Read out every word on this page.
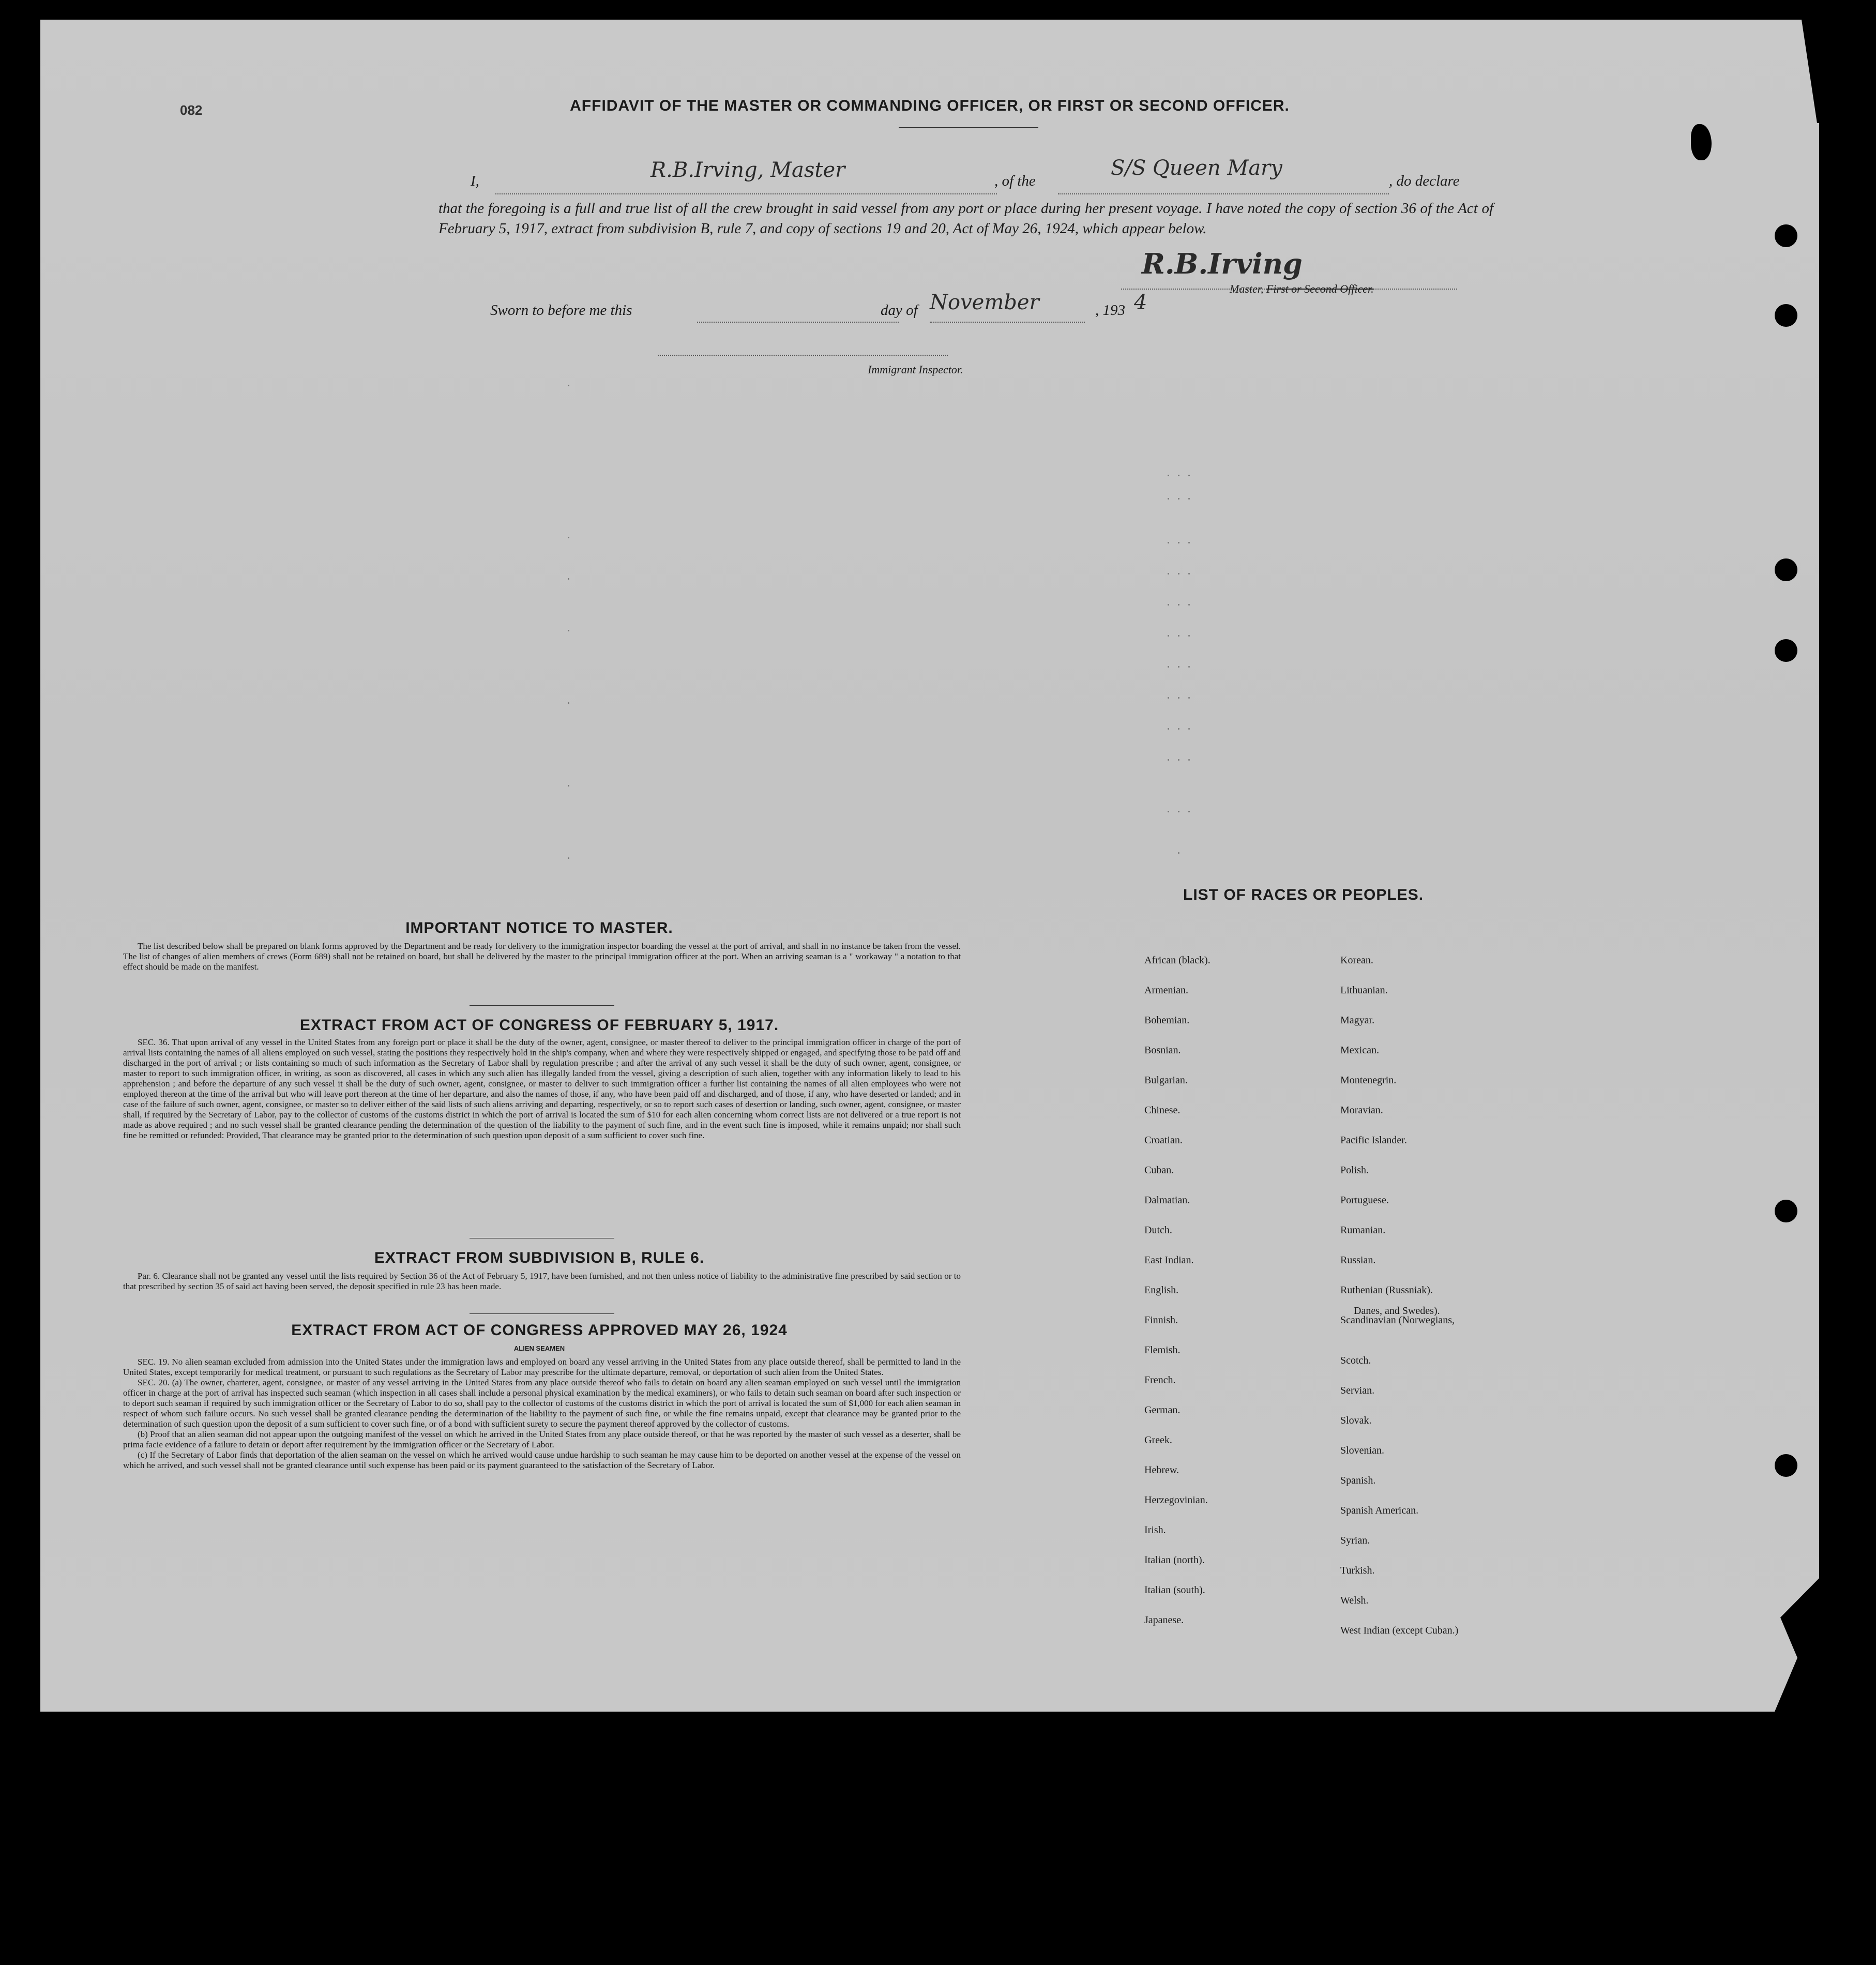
082	AFFIDAVIT OF THE MASTER OR COMMANDING OFFICER, OR FIRST OR SECOND OFFICER.
I,	R.B.Irving, Master	, of the
S/S Queen Mary
, do declare
that the foregoing is a full and true list of all the crew brought in said vessel from any port or place during her present voyage. I have noted the copy of section 36 of the Act of February 5, 1917, extract from subdivision B, rule 7, and copy of sections 19 and 20, Act of May 26, 1924, which appear below.
R.B.Irving
Master, First or Second Officer.
Sworn to before me this	day of November	, 193 4
Immigrant Inspector.
IMPORTANT NOTICE TO MASTER.
The list described below shall be prepared on blank forms approved by the Department and be ready for delivery to the immigration inspector boarding the vessel at the port of arrival, and shall in no instance be taken from the vessel. The list of changes of alien members of crews (Form 689) shall not be retained on board, but shall be delivered by the master to the principal immigration officer at the port. When an arriving seaman is a " workaway " a notation to that effect should be made on the manifest.
EXTRACT FROM ACT OF CONGRESS OF FEBRUARY 5, 1917.
SEC. 36. That upon arrival of any vessel in the United States from any foreign port or place it shall be the duty of the owner, agent, consignee, or master thereof to deliver to the principal immigration officer in charge of the port of arrival lists containing the names of all aliens employed on such vessel, stating the positions they respectively hold in the ship's company, when and where they were respectively shipped or engaged, and specifying those to be paid off and discharged in the port of arrival ; or lists containing so much of such information as the Secretary of Labor shall by regulation prescribe ; and after the arrival of any such vessel it shall be the duty of such owner, agent, consignee, or master to report to such immigration officer, in writing, as soon as discovered, all cases in which any such alien has illegally landed from the vessel, giving a description of such alien, together with any information likely to lead to his apprehension ; and before the departure of any such vessel it shall be the duty of such owner, agent, consignee, or master to deliver to such immigration officer a further list containing the names of all alien employees who were not employed thereon at the time of the arrival but who will leave port thereon at the time of her departure, and also the names of those, if any, who have been paid off and discharged, and of those, if any, who have deserted or landed; and in case of the failure of such owner, agent, consignee, or master so to deliver either of the said lists of such aliens arriving and departing, respectively, or so to report such cases of desertion or landing, such owner, agent, consignee, or master shall, if required by the Secretary of Labor, pay to the collector of customs of the customs district in which the port of arrival is located the sum of $10 for each alien concerning whom correct lists are not delivered or a true report is not made as above required ; and no such vessel shall be granted clearance pending the determination of the question of the liability to the payment of such fine, and in the event such fine is imposed, while it remains unpaid; nor shall such fine be remitted or refunded: Provided, That clearance may be granted prior to the determination of such question upon deposit of a sum sufficient to cover such fine.
EXTRACT FROM SUBDIVISION B, RULE 6.
Par. 6. Clearance shall not be granted any vessel until the lists required by Section 36 of the Act of February 5, 1917, have been furnished, and not then unless notice of liability to the administrative fine prescribed by said section or to that prescribed by section 35 of said act having been served, the deposit specified in rule 23 has been made.
EXTRACT FROM ACT OF CONGRESS APPROVED MAY 26, 1924
ALIEN SEAMEN
SEC. 19. No alien seaman excluded from admission into the United States under the immigration laws and employed on board any vessel arriving in the United States from any place outside thereof, shall be permitted to land in the United States, except temporarily for medical treatment, or pursuant to such regulations as the Secretary of Labor may prescribe for the ultimate departure, removal, or deportation of such alien from the United States.
SEC. 20. (a) The owner, charterer, agent, consignee, or master of any vessel arriving in the United States from any place outside thereof who fails to detain on board any alien seaman employed on such vessel until the immigration officer in charge at the port of arrival has inspected such seaman (which inspection in all cases shall include a personal physical examination by the medical examiners), or who fails to detain such seaman on board after such inspection or to deport such seaman if required by such immigration officer or the Secretary of Labor to do so, shall pay to the collector of customs of the customs district in which the port of arrival is located the sum of $1,000 for each alien seaman in respect of whom such failure occurs. No such vessel shall be granted clearance pending the determination of the liability to the payment of such fine, or while the fine remains unpaid, except that clearance may be granted prior to the determination of such question upon the deposit of a sum sufficient to cover such fine, or of a bond with sufficient surety to secure the payment thereof approved by the collector of customs.
(b) Proof that an alien seaman did not appear upon the outgoing manifest of the vessel on which he arrived in the United States from any place outside thereof, or that he was reported by the master of such vessel as a deserter, shall be prima facie evidence of a failure to detain or deport after requirement by the immigration officer or the Secretary of Labor.
(c) If the Secretary of Labor finds that deportation of the alien seaman on the vessel on which he arrived would cause undue hardship to such seaman he may cause him to be deported on another vessel at the expense of the vessel on which he arrived, and such vessel shall not be granted clearance until such expense has been paid or its payment guaranteed to the satisfaction of the Secretary of Labor.
LIST OF RACES OR PEOPLES.
Danes, and Swedes).
African (black).
Armenian.
Bohemian.
Bosnian.
Bulgarian.
Chinese.
Croatian.
Cuban.
Dalmatian.
Dutch.
East Indian.
English.
Finnish.
Flemish.
French.
German.
Greek.
Hebrew.
Herzegovinian.
Irish.
Italian (north).
Italian (south).
Japanese.
Korean.
Lithuanian.
Magyar.
Mexican.
Montenegrin.
Moravian.
Pacific Islander.
Polish.
Portuguese.
Rumanian.
Russian.
Ruthenian (Russniak).
Scandinavian (Norwegians,
Scotch.
Servian.
Slovak.
Slovenian.
Spanish.
Spanish American.
Syrian.
Turkish.
Welsh.
West Indian (except Cuban.)
